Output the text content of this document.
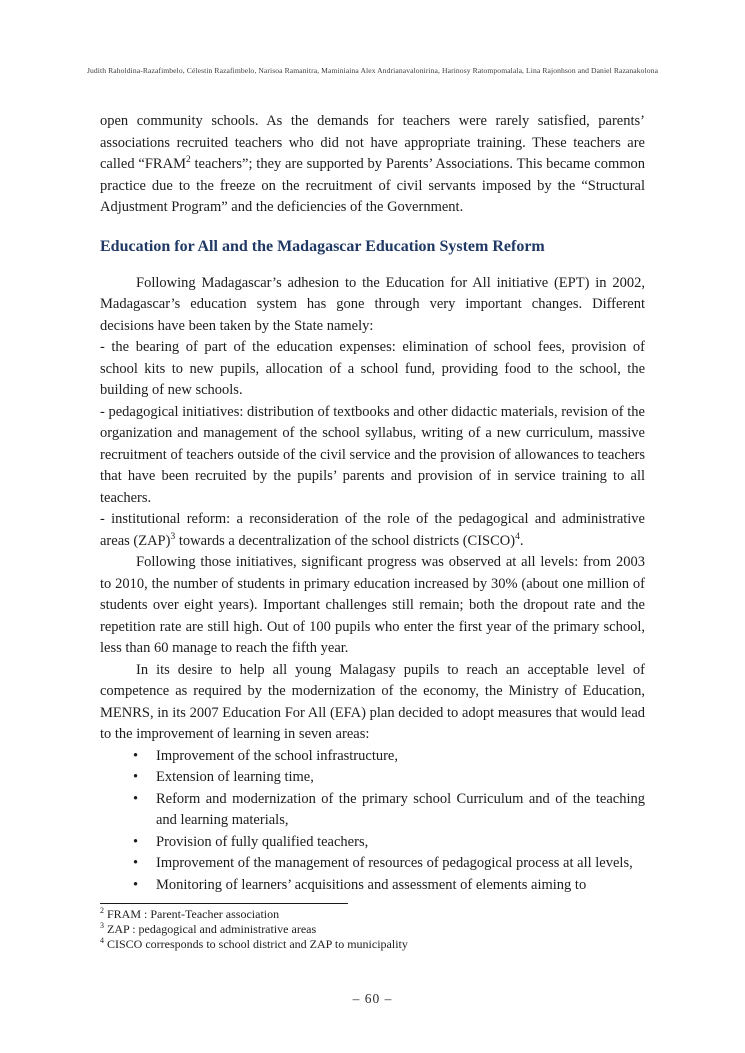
Judith Raholdina-Razafimbelo, Célestin Razafimbelo, Narisoa Ramanitra, Maminiaina Alex Andrianavalonirina, Harinosy Ratompomalala, Lina Rajonhson and Daniel Razanakolona

open community schools. As the demands for teachers were rarely satisfied, parents’ associations recruited teachers who did not have appropriate training. These teachers are called “FRAM$^2$ teachers”; they are supported by Parents’ Associations. This became common practice due to the freeze on the recruitment of civil servants imposed by the “Structural Adjustment Program” and the deficiencies of the Government.

Education for All and the Madagascar Education System Reform

Following Madagascar’s adhesion to the Education for All initiative (EPT) in 2002, Madagascar’s education system has gone through very important changes. Different decisions have been taken by the State namely:

- the bearing of part of the education expenses: elimination of school fees, provision of school kits to new pupils, allocation of a school fund, providing food to the school, the building of new schools.

- pedagogical initiatives: distribution of textbooks and other didactic materials, revision of the organization and management of the school syllabus, writing of a new curriculum, massive recruitment of teachers outside of the civil service and the provision of allowances to teachers that have been recruited by the pupils’ parents and provision of in service training to all teachers.

- institutional reform: a reconsideration of the role of the pedagogical and administrative areas (ZAP)$^3$ towards a decentralization of the school districts (CISCO)$^4$.

Following those initiatives, significant progress was observed at all levels: from 2003 to 2010, the number of students in primary education increased by 30% (about one million of students over eight years). Important challenges still remain; both the dropout rate and the repetition rate are still high. Out of 100 pupils who enter the first year of the primary school, less than 60 manage to reach the fifth year.

In its desire to help all young Malagasy pupils to reach an acceptable level of competence as required by the modernization of the economy, the Ministry of Education, MENRS, in its 2007 Education For All (EFA) plan decided to adopt measures that would lead to the improvement of learning in seven areas:

•	Improvement of the school infrastructure,
•	Extension of learning time,
•	Reform and modernization of the primary school Curriculum and of the teaching and learning materials,
•	Provision of fully qualified teachers,
•	Improvement of the management of resources of pedagogical process at all levels,
•	Monitoring of learners’ acquisitions and assessment of elements aiming to
$^2$ FRAM : Parent-Teacher association
$^3$ ZAP : pedagogical and administrative areas
$^4$ CISCO corresponds to school district and ZAP to municipality
– 60 –
